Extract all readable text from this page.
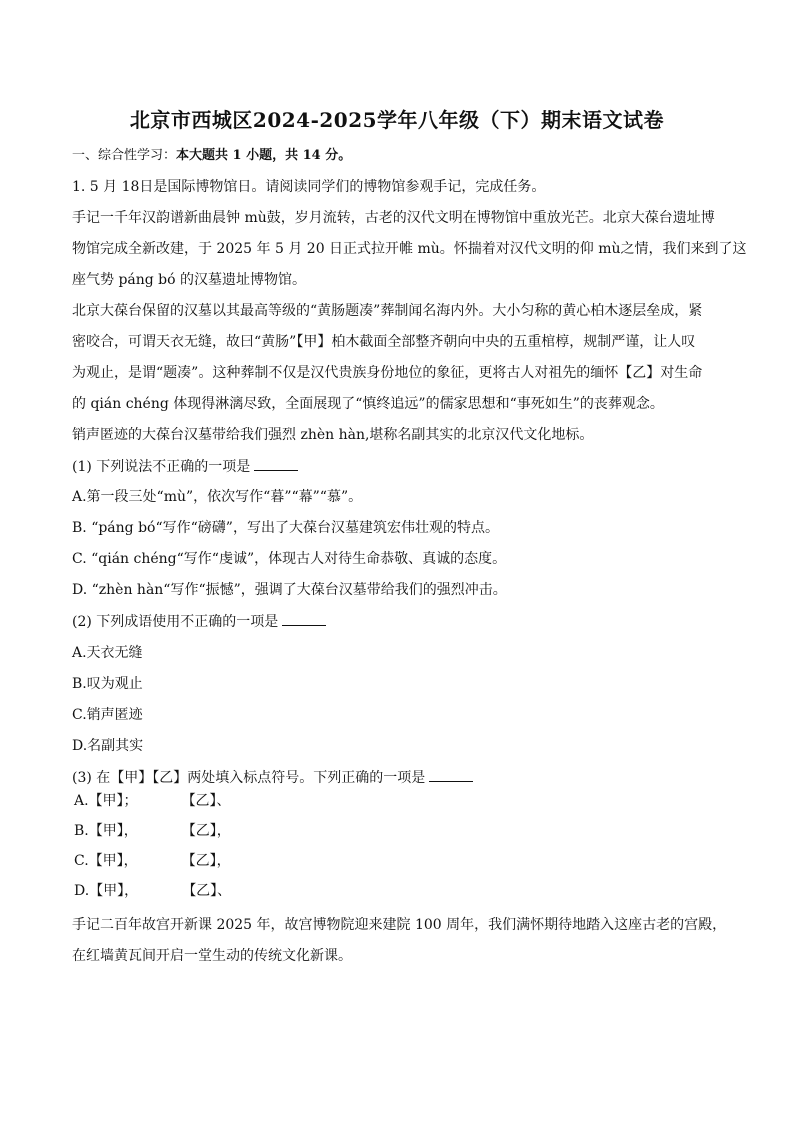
北京市西城区2024-2025学年八年级（下）期末语文试卷
一、综合性学习：本大题共 1 小题，共 14 分。
1. 5 月 18日是国际博物馆日。请阅读同学们的博物馆参观手记，完成任务。
手记一千年汉韵谱新曲晨钟 mù鼓，岁月流转，古老的汉代文明在博物馆中重放光芒。北京大葆台遗址博
物馆完成全新改建，于 2025 年 5 月 20 日正式拉开帷 mù。怀揣着对汉代文明的仰 mù之情，我们来到了这
座气势 páng bó 的汉墓遗址博物馆。
北京大葆台保留的汉墓以其最高等级的“黄肠题凑”葬制闻名海内外。大小匀称的黄心柏木逐层垒成，紧
密咬合，可谓天衣无缝，故曰“黄肠”【甲】柏木截面全部整齐朝向中央的五重棺椁，规制严谨，让人叹
为观止，是谓“题凑”。这种葬制不仅是汉代贵族身份地位的象征，更将古人对祖先的缅怀【乙】对生命
的 qián chéng 体现得淋漓尽致，全面展现了“慎终追远”的儒家思想和“事死如生”的丧葬观念。
销声匿迹的大葆台汉墓带给我们强烈 zhèn hàn,堪称名副其实的北京汉代文化地标。
(1) 下列说法不正确的一项是
A.第一段三处“mù”，依次写作“暮”“幕”“慕”。
B. “páng bó“写作“磅礴”，写出了大葆台汉墓建筑宏伟壮观的特点。
C. “qián chéng“写作“虔诚”，体现古人对待生命恭敬、真诚的态度。
D. “zhèn hàn“写作“振憾”，强调了大葆台汉墓带给我们的强烈冲击。
(2) 下列成语使用不正确的一项是
A.天衣无缝
B.叹为观止
C.销声匿迹
D.名副其实
(3) 在【甲】【乙】两处填入标点符号。下列正确的一项是
A.【甲】；	【乙】、
B.【甲】，	【乙】，
C.【甲】，	【乙】，
D.【甲】，	【乙】、
手记二百年故宫开新课 2025 年，故宫博物院迎来建院 100 周年，我们满怀期待地踏入这座古老的宫殿，
在红墙黄瓦间开启一堂生动的传统文化新课。
